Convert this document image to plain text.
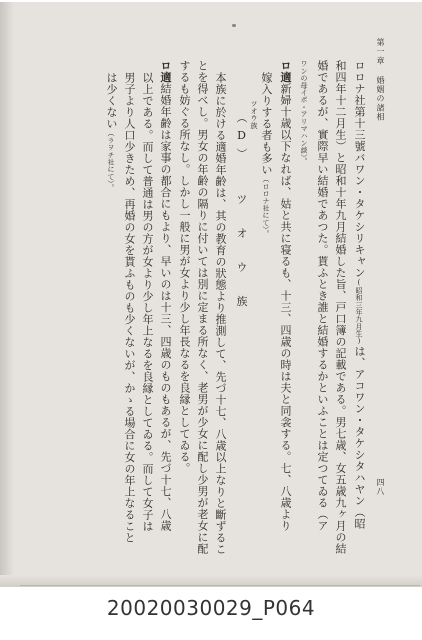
第一章 婚姻の諸相
四八
ロロナ社第十三號バワン・タケシリキャン(昭和三年九月生)は、アコワン・タケシタハヤン（昭
和四年十二月生）と昭和十年九月結婚した旨、戸口簿の記載である。男七歳、女五歳九ヶ月の結
婚であるが、實際早い結婚であつた。貰ふとき誰と結婚するかといふことは定つてゐる（ア
ワンの母イボ・アリマハン談）。
ロ適新婦十歳以下なれば、姑と共に寝るも、十三、四歳の時は夫と同衾する。七、八歳より
嫁入りする者も多い（ロロナ社にて）。
ツオウ族
（D）　　ツ　オ　ウ　族
本族に於ける適婚年齢は、其の教育の狀態より推測して、先づ十七、八歳以上なりと斷ずるこ
とを得べし。男女の年齢の隔りに付いては別に定まる所なく、老男が少女に配し少男が老女に配
するも妨ぐる所なし。しかし一般に男が女より少し年長なるを良縁としてゐる。
ロ適結婚年齢は家事の都合にもより、早いのは十三、四歳のものもあるが、先づ十七、八歳
以上である。而して普通は男の方が女より少し年上なるを良縁としてゐる。而して女子は
男子より人口少きため、再婚の女を貰ふものも少くないが、かゝる場合に女の年上なること
は少くない（ラヲチ社にて）。
20020030029_P064
